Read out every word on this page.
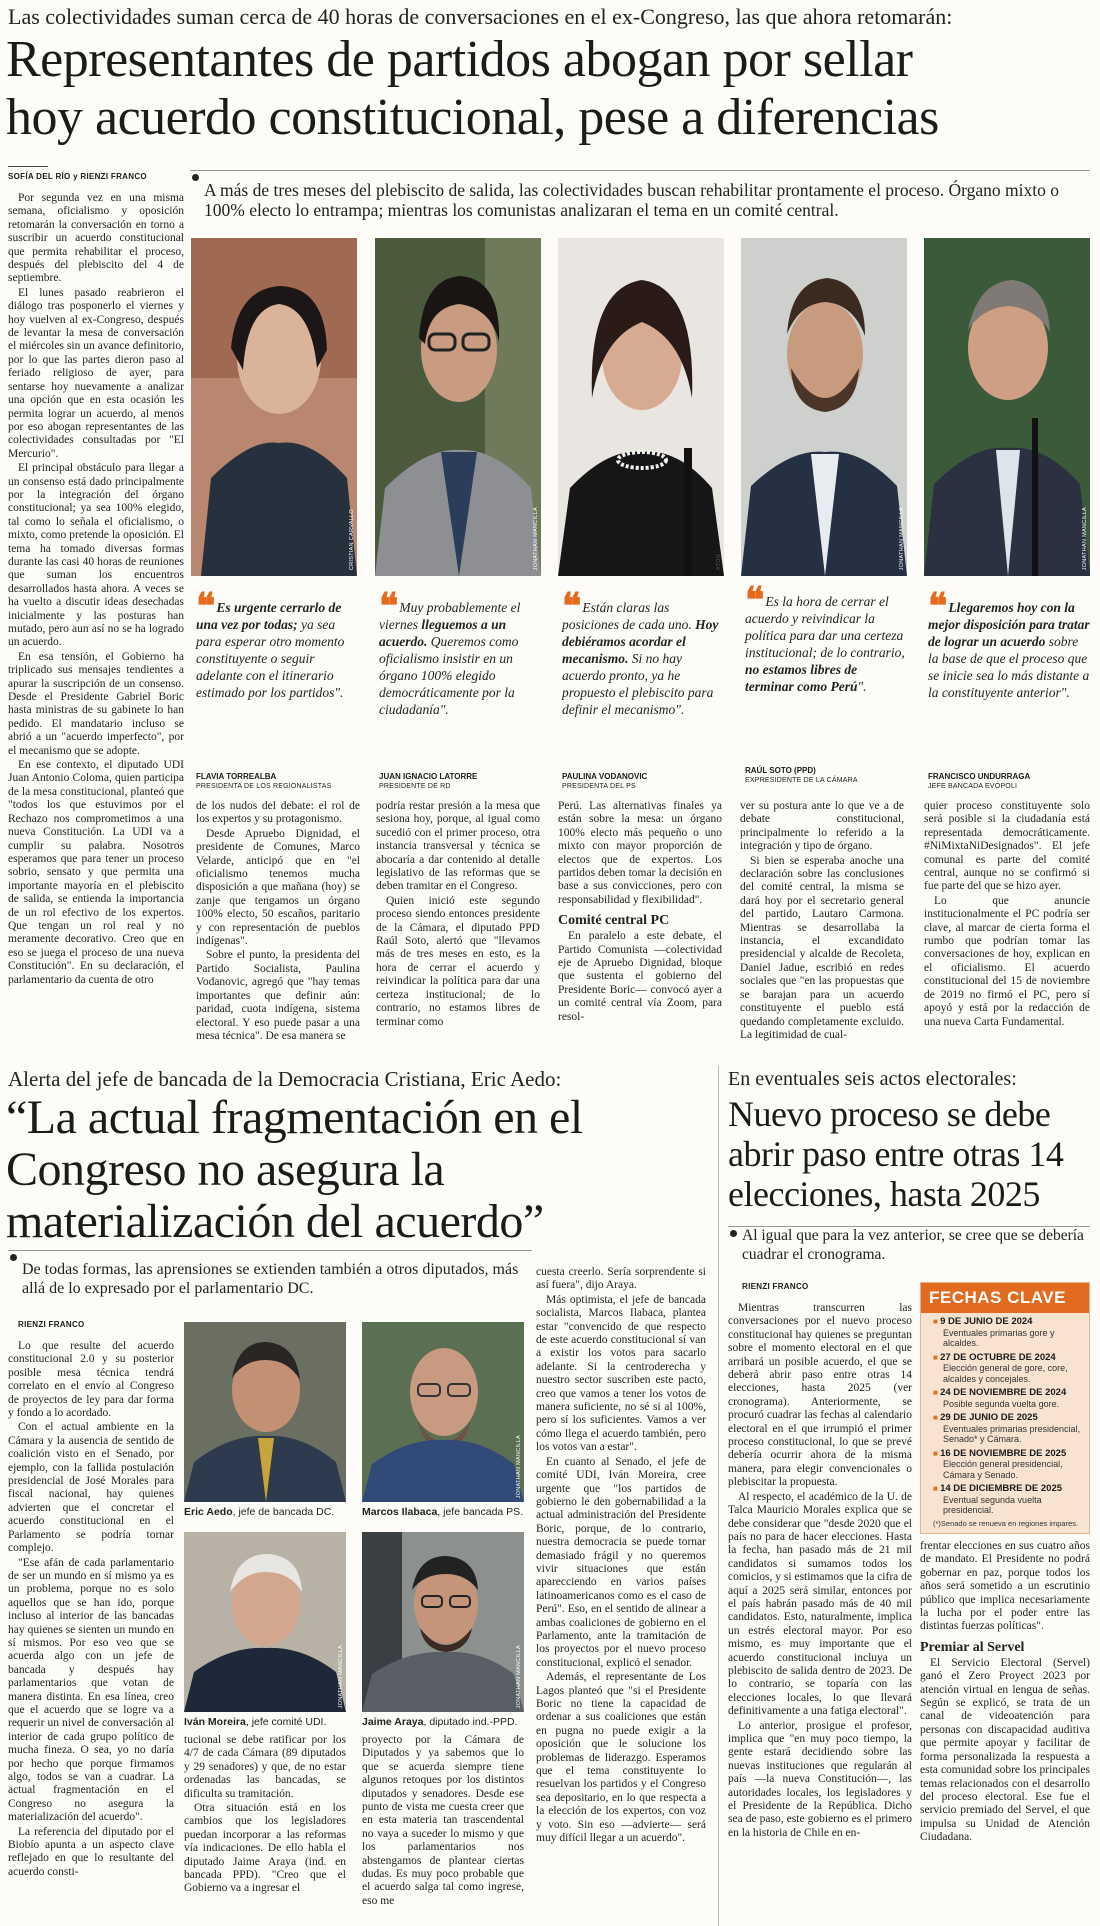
Las colectividades suman cerca de 40 horas de conversaciones en el ex-Congreso, las que ahora retomarán:
Representantes de partidos abogan por sellar
hoy acuerdo constitucional, pese a diferencias
SOFÍA DEL RÍO y RIENZI FRANCO
A más de tres meses del plebiscito de salida, las colectividades buscan rehabilitar prontamente el proceso. Órgano mixto o 100% electo lo entrampa; mientras los comunistas analizaran el tema en un comité central.

Por segunda vez en una misma semana, oficialismo y oposición retomarán la conversación en torno a suscribir un acuerdo constitucional que permita rehabilitar el proceso, después del plebiscito del 4 de septiembre.

El lunes pasado reabrieron el diálogo tras posponerlo el viernes y hoy vuelven al ex-Congreso, después de levantar la mesa de conversación el miércoles sin un avance definitorio, por lo que las partes dieron paso al feriado religioso de ayer, para sentarse hoy nuevamente a analizar una opción que en esta ocasión les permita lograr un acuerdo, al menos por eso abogan representantes de las colectividades consultadas por "El Mercurio".

El principal obstáculo para llegar a un consenso está dado principalmente por la integración del órgano constitucional; ya sea 100% elegido, tal como lo señala el oficialismo, o mixto, como pretende la oposición. El tema ha tomado diversas formas durante las casi 40 horas de reuniones que suman los encuentros desarrollados hasta ahora. A veces se ha vuelto a discutir ideas desechadas inicialmente y las posturas han mutado, pero aun así no se ha logrado un acuerdo.

En esa tensión, el Gobierno ha triplicado sus mensajes tendientes a apurar la suscripción de un consenso. Desde el Presidente Gabriel Boric hasta ministras de su gabinete lo han pedido. El mandatario incluso se abrió a un "acuerdo imperfecto", por el mecanismo que se adopte.

En ese contexto, el diputado UDI Juan Antonio Coloma, quien participa de la mesa constitucional, planteó que "todos los que estuvimos por el Rechazo nos comprometimos a una nueva Constitución. La UDI va a cumplir su palabra. Nosotros esperamos que para tener un proceso sobrio, sensato y que permita una importante mayoría en el plebiscito de salida, se entienda la importancia de un rol efectivo de los expertos. Que tengan un rol real y no meramente decorativo. Creo que en eso se juega el proceso de una nueva Constitución". En su declaración, el parlamentario da cuenta de otro

CRISTIAN CARVALLO	JONATHAN MANCILLA	ATON	JONATHAN MANCILLA	JONATHAN MANCILLA
❝ Es urgente cerrarlo de una vez por todas; ya sea para esperar otro momento constituyente o seguir adelante con el itinerario estimado por los partidos".
FLAVIA TORREALBA
PRESIDENTA DE LOS REGIONALISTAS
❝ Muy probablemente el viernes lleguemos a un acuerdo. Queremos como oficialismo insistir en un órgano 100% elegido democráticamente por la ciudadanía".
JUAN IGNACIO LATORRE
PRESIDENTE DE RD
❝ Están claras las posiciones de cada uno. Hoy debiéramos acordar el mecanismo. Si no hay acuerdo pronto, ya he propuesto el plebiscito para definir el mecanismo".
PAULINA VODANOVIC
PRESIDENTA DEL PS
❝ Es la hora de cerrar el acuerdo y reivindicar la política para dar una certeza institucional; de lo contrario, no estamos libres de terminar como Perú".
RAÚL SOTO (PPD)
EXPRESIDENTE DE LA CÁMARA
❝ Llegaremos hoy con la mejor disposición para tratar de lograr un acuerdo sobre la base de que el proceso que se inicie sea lo más distante a la constituyente anterior".
FRANCISCO UNDURRAGA
JEFE BANCADA EVÓPOLI

de los nudos del debate: el rol de los expertos y su protagonismo.

Desde Apruebo Dignidad, el presidente de Comunes, Marco Velarde, anticipó que en "el oficialismo tenemos mucha disposición a que mañana (hoy) se zanje que tengamos un órgano 100% electo, 50 escaños, paritario y con representación de pueblos indígenas".

Sobre el punto, la presidenta del Partido Socialista, Paulina Vodanovic, agregó que "hay temas importantes que definir aún: paridad, cuota indígena, sistema electoral. Y eso puede pasar a una mesa técnica". De esa manera se

podría restar presión a la mesa que sesiona hoy, porque, al igual como sucedió con el primer proceso, otra instancia transversal y técnica se abocaría a dar contenido al detalle legislativo de las reformas que se deben tramitar en el Congreso.

Quien inició este segundo proceso siendo entonces presidente de la Cámara, el diputado PPD Raúl Soto, alertó que "llevamos más de tres meses en esto, es la hora de cerrar el acuerdo y reivindicar la política para dar una certeza institucional; de lo contrario, no estamos libres de terminar como

Perú. Las alternativas finales ya están sobre la mesa: un órgano 100% electo más pequeño o uno mixto con mayor proporción de electos que de expertos. Los partidos deben tomar la decisión en base a sus convicciones, pero con responsabilidad y flexibilidad".

Comité central PC

En paralelo a este debate, el Partido Comunista —colectividad eje de Apruebo Dignidad, bloque que sustenta el gobierno del Presidente Boric— convocó ayer a un comité central vía Zoom, para resol-

ver su postura ante lo que ve a de debate constitucional, principalmente lo referido a la integración y tipo de órgano.

Si bien se esperaba anoche una declaración sobre las conclusiones del comité central, la misma se dará hoy por el secretario general del partido, Lautaro Carmona. Mientras se desarrollaba la instancia, el excandidato presidencial y alcalde de Recoleta, Daniel Jadue, escribió en redes sociales que "en las propuestas que se barajan para un acuerdo constituyente el pueblo está quedando completamente excluido. La legitimidad de cual-

quier proceso constituyente solo será posible si la ciudadanía está representada democráticamente. #NiMixtaNiDesignados". El jefe comunal es parte del comité central, aunque no se confirmó si fue parte del que se hizo ayer.

Lo que anuncie institucionalmente el PC podría ser clave, al marcar de cierta forma el rumbo que podrían tomar las conversaciones de hoy, explican en el oficialismo. El acuerdo constitucional del 15 de noviembre de 2019 no firmó el PC, pero sí apoyó y está por la redacción de una nueva Carta Fundamental.

Alerta del jefe de bancada de la Democracia Cristiana, Eric Aedo:
“La actual fragmentación en el
Congreso no asegura la
materialización del acuerdo”
De todas formas, las aprensiones se extienden también a otros diputados, más allá de lo expresado por el parlamentario DC.
RIENZI FRANCO

Lo que resulte del acuerdo constitucional 2.0 y su posterior posible mesa técnica tendrá correlato en el envío al Congreso de proyectos de ley para dar forma y fondo a lo acordado.

Con el actual ambiente en la Cámara y la ausencia de sentido de coalición visto en el Senado, por ejemplo, con la fallida postulación presidencial de José Morales para fiscal nacional, hay quienes advierten que el concretar el acuerdo constitucional en el Parlamento se podría tornar complejo.

"Ese afán de cada parlamentario de ser un mundo en sí mismo ya es un problema, porque no es solo aquellos que se han ido, porque incluso al interior de las bancadas hay quienes se sienten un mundo en sí mismos. Por eso veo que se acuerda algo con un jefe de bancada y después hay parlamentarios que votan de manera distinta. En esa línea, creo que el acuerdo que se logre va a requerir un nivel de conversación al interior de cada grupo político de mucha fineza. O sea, yo no daría por hecho que porque firmamos algo, todos se van a cuadrar. La actual fragmentación en el Congreso no asegura la materialización del acuerdo".

La referencia del diputado por el Biobío apunta a un aspecto clave reflejado en que lo resultante del acuerdo consti-

JONATHAN MANCILLA
JONATHAN MANCILLA	JONATHAN MANCILLA
Eric Aedo, jefe de bancada DC.	Marcos Ilabaca, jefe bancada PS.
Iván Moreira, jefe comité UDI.	Jaime Araya, diputado ind.-PPD.

tucional se debe ratificar por los 4/7 de cada Cámara (89 diputados y 29 senadores) y que, de no estar ordenadas las bancadas, se dificulta su tramitación.

Otra situación está en los cambios que los legisladores puedan incorporar a las reformas vía indicaciones. De ello habla el diputado Jaime Araya (ind. en bancada PPD). "Creo que el Gobierno va a ingresar el

proyecto por la Cámara de Diputados y ya sabemos que lo que se acuerda siempre tiene algunos retoques por los distintos diputados y senadores. Desde ese punto de vista me cuesta creer que en esta materia tan trascendental no vaya a suceder lo mismo y que los parlamentarios nos abstengamos de plantear ciertas dudas. Es muy poco probable que el acuerdo salga tal como ingrese, eso me

cuesta creerlo. Sería sorprendente si así fuera", dijo Araya.

Más optimista, el jefe de bancada socialista, Marcos Ilabaca, plantea estar "convencido de que respecto de este acuerdo constitucional sí van a existir los votos para sacarlo adelante. Si la centroderecha y nuestro sector suscriben este pacto, creo que vamos a tener los votos de manera suficiente, no sé si al 100%, pero sí los suficientes. Vamos a ver cómo llega el acuerdo también, pero los votos van a estar".

En cuanto al Senado, el jefe de comité UDI, Iván Moreira, cree urgente que "los partidos de gobierno le den gobernabilidad a la actual administración del Presidente Boric, porque, de lo contrario, nuestra democracia se puede tornar demasiado frágil y no queremos vivir situaciones que están aparecciendo en varios países latinoamericanos como es el caso de Perú". Eso, en el sentido de alinear a ambas coaliciones de gobierno en el Parlamento, ante la tramitación de los proyectos por el nuevo proceso constitucional, explicó el senador.

Además, el representante de Los Lagos planteó que "si el Presidente Boric no tiene la capacidad de ordenar a sus coaliciones que están en pugna no puede exigir a la oposición que le solucione los problemas de liderazgo. Esperamos que el tema constituyente lo resuelvan los partidos y el Congreso sea depositario, en lo que respecta a la elección de los expertos, con voz y voto. Sin eso —advierte— será muy difícil llegar a un acuerdo".

En eventuales seis actos electorales:
Nuevo proceso se debe
abrir paso entre otras 14
elecciones, hasta 2025
Al igual que para la vez anterior, se cree que se debería cuadrar el cronograma.
RIENZI FRANCO

Mientras transcurren las conversaciones por el nuevo proceso constitucional hay quienes se preguntan sobre el momento electoral en el que arribará un posible acuerdo, el que se deberá abrir paso entre otras 14 elecciones, hasta 2025 (ver cronograma). Anteriormente, se procuró cuadrar las fechas al calendario electoral en el que irrumpió el primer proceso constitucional, lo que se prevé debería ocurrir ahora de la misma manera, para elegir convencionales o plebiscitar la propuesta.

Al respecto, el académico de la U. de Talca Mauricio Morales explica que se debe considerar que "desde 2020 que el país no para de hacer elecciones. Hasta la fecha, han pasado más de 21 mil candidatos si sumamos todos los comicios, y si estimamos que la cifra de aquí a 2025 será similar, entonces por el país habrán pasado más de 40 mil candidatos. Esto, naturalmente, implica un estrés electoral mayor. Por eso mismo, es muy importante que el acuerdo constitucional incluya un plebiscito de salida dentro de 2023. De lo contrario, se toparía con las elecciones locales, lo que llevará definitivamente a una fatiga electoral".

Lo anterior, prosigue el profesor, implica que "en muy poco tiempo, la gente estará decidiendo sobre las nuevas instituciones que regularán al país —la nueva Constitución—, las autoridades locales, los legisladores y el Presidente de la República. Dicho sea de paso, este gobierno es el primero en la historia de Chile en en-

FECHAS CLAVE
■ 9 DE JUNIO DE 2024
Eventuales primarias gore y alcaldes.
■ 27 DE OCTUBRE DE 2024
Elección general de gore, core, alcaldes y concejales.
■ 24 DE NOVIEMBRE DE 2024
Posible segunda vuelta gore.
■ 29 DE JUNIO DE 2025
Eventuales primarias presidencial, Senado* y Cámara.
■ 16 DE NOVIEMBRE DE 2025
Elección general presidencial, Cámara y Senado.
■ 14 DE DICIEMBRE DE 2025
Eventual segunda vuelta presidencial.
(*)Senado se renueva en regiones impares.

frentar elecciones en sus cuatro años de mandato. El Presidente no podrá gobernar en paz, porque todos los años será sometido a un escrutinio público que implica necesariamente la lucha por el poder entre las distintas fuerzas políticas".

Premiar al Servel

El Servicio Electoral (Servel) ganó el Zero Proyect 2023 por atención virtual en lengua de señas. Según se explicó, se trata de un canal de videoatención para personas con discapacidad auditiva que permite apoyar y facilitar de forma personalizada la respuesta a esta comunidad sobre los principales temas relacionados con el desarrollo del proceso electoral. Ese fue el servicio premiado del Servel, el que impulsa su Unidad de Atención Ciudadana.
